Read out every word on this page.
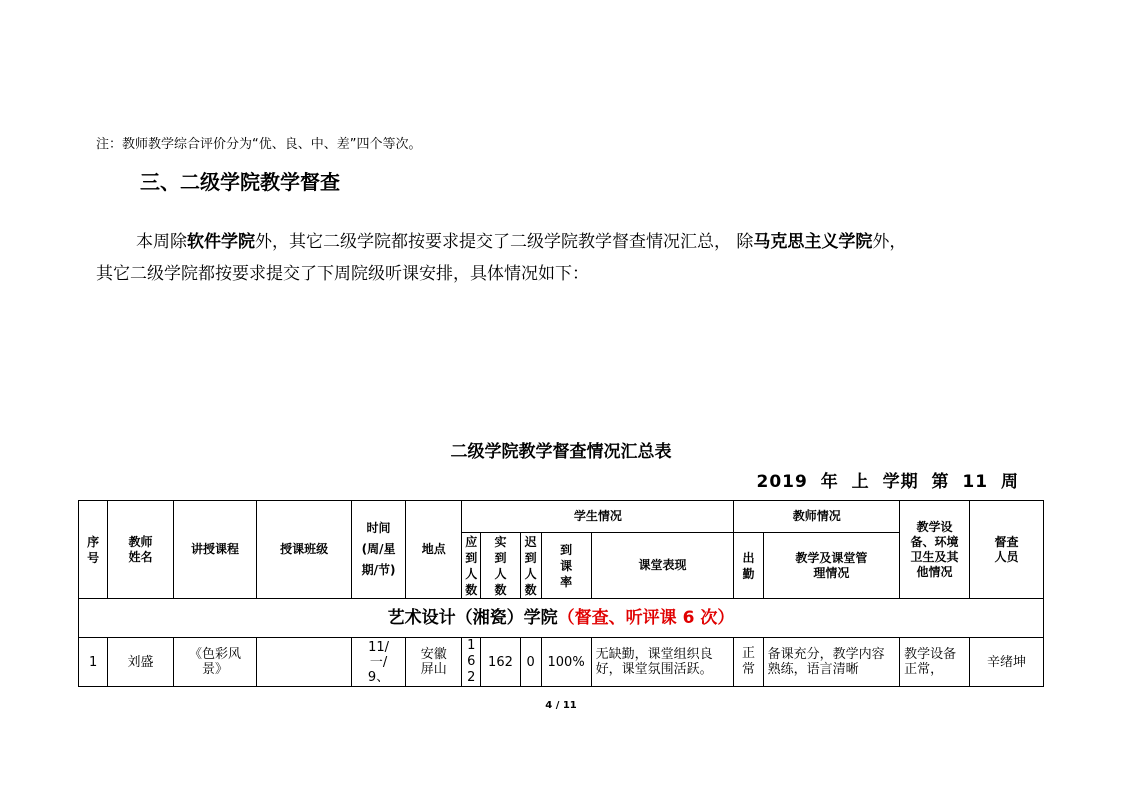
注：教师教学综合评价分为“优、良、中、差”四个等次。
三、二级学院教学督查
本周除软件学院外，其它二级学院都按要求提交了二级学院教学督查情况汇总， 除马克思主义学院外，
其它二级学院都按要求提交了下周院级听课安排，具体情况如下：
二级学院教学督查情况汇总表
2019 年 上 学期 第 11 周
序号	教师姓名	讲授课程	授课班级	时间(周/星期/节)	地点	学生情况					教师情况		教学设备、环境卫生及其他情况	督查人员
						应到人数	实到人数	迟到人数	到课率	课堂表现	出勤	教学及课堂管理情况		
艺术设计（湘瓷）学院（督查、听评课 6 次）														
1	刘盛	《色彩风景》		11/一/9、	安徽屏山	162	162	0	100%	无缺勤，课堂组织良好，课堂氛围活跃。	正常	备课充分，教学内容熟练，语言清晰	教学设备正常，	辛绪坤
4 / 11
